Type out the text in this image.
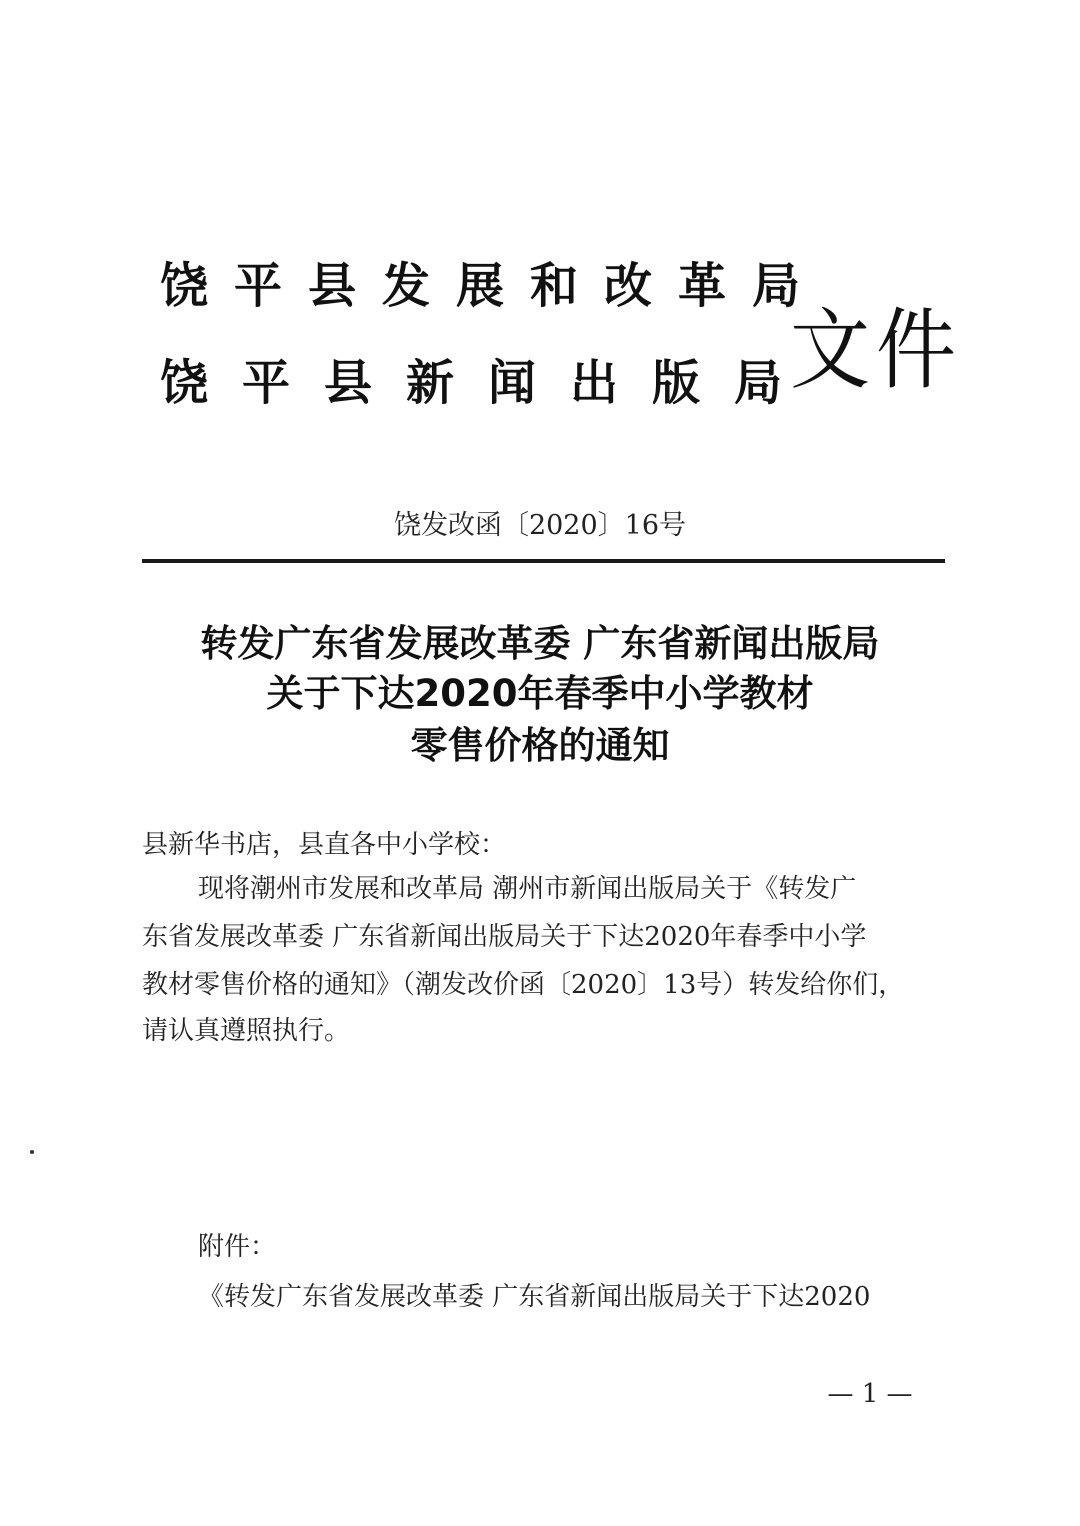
饶平县发展和改革局
饶平县新闻出版局
文件
饶发改函〔2020〕16号
转发广东省发展改革委 广东省新闻出版局
关于下达2020年春季中小学教材
零售价格的通知
县新华书店，县直各中小学校：
现将潮州市发展和改革局 潮州市新闻出版局关于《转发广
东省发展改革委 广东省新闻出版局关于下达2020年春季中小学
教材零售价格的通知》（潮发改价函〔2020〕13号）转发给你们，
请认真遵照执行。
附件：
《转发广东省发展改革委 广东省新闻出版局关于下达2020
— 1 —
